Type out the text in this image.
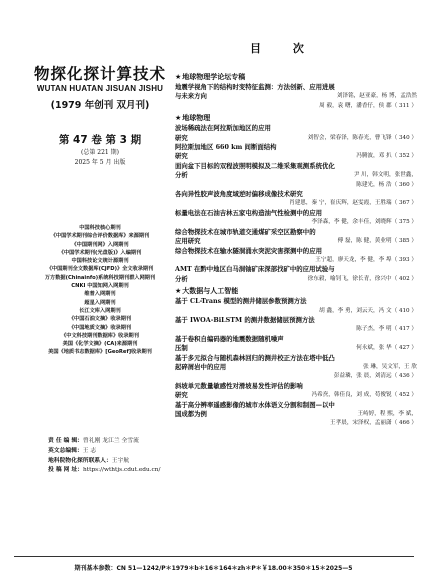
物探化探计算技术
WUTAN HUATAN JISUAN JISHU
(1979 年创刊 双月刊)
第 47 卷 第 3 期
(总第 221 期)
2025 年 5 月 出版
中国科技核心期刊
《中国学术期刊综合评价数据库》来源期刊
《中国期刊网》入网期刊
《中国学术期刊(光盘版)》入编期刊
中国科技论文统计源期刊
《中国期刊全文数据库(CJFD)》全文收录期刊
万方数据(Chinainfo)系统科技期刊群入网期刊
CNKI 中国知网入网期刊
维普入网期刊
超星入网期刊
长江文库入网期刊
《中国石油文摘》收录期刊
《中国地质文摘》收录期刊
《中文科技期刊数据库》收录期刊
美国《化学文摘》(CA)来源期刊
美国《地质书志数据库》[GeoRef]收录期刊
责 任 编 辑：曾礼刚 龙江兰 全雪流
英文总编辑：王 志
地科院物化探所联系人：王宇航
投 稿 网 址：https://wthtjs.cdut.edu.cn/
目 次
★地球物理学论坛专稿
地震学视角下的结构时变特征监测：方法创新、应用进展
与未来方向	刘泽铭，赵亚豪，杨 博，孟浩然
周 毅，袁 曙，潘香仔，侯 郡（ 311 ）
★地球物理
波场稀疏法在阿拉斯加地区的应用
研究	刘智会，梁春泽，陈春光，曹飞锋（ 340 ）
阿拉斯加地区 660 km 间断面结构
研究	冯腾波，邓 扒（ 352 ）
面向盆下目标的双程波照明模拟及二维采集观测系统优化
分析	尹 川，韩文明，张世鑫，
陈建光，杨 浩（ 360 ）
各向异性胶声波角度域逆时偏移成像技术研究
肖建恩，秦 宁，崔庆辉，赵雯霞，王胜瑞（ 367 ）
标量电法在石油吉林五家屯构造油气性检测中的应用
李泽森，李 健，余丰佳，刘晓辉（ 375 ）
综合物探技术在城市轨道交通煤矿采空区勘察中的
应用研究	傅 磊，陈 健，黄业明（ 385 ）
综合物探技术在输水隧洞涌水突泥灾害探测中的应用
王宁超，廖天龙，李 健，李 埠（ 393 ）
AMT 在黔中地区白马洞铀矿床深部找矿中的应用试验与
分析	徐东毅，喻钊飞，徐长青，徐兴中（ 402 ）
★大数据与人工智能
基于 CL-Trans 模型的测井储层参数预测方法
胡 鑫，李 勇，刘云天，冯 文（ 410 ）
基于 IWOA-BiLSTM 的测井数据储层预测方法
陈子杰，李 明（ 417 ）
基于卷积自编码器的地震数据随机噪声
压制	何永斌，张 华（ 427 ）
基于多元拟合与随机森林回归的测井校正方法在塔中低凸
起碎屑岩中的应用	张 琳，吴文军，王 欣
彭益璘，张 晨，刘清远（ 436 ）
斜坡单元数量敏感性对滑坡易发性评估的影响
研究	冯希焘，韩佳良，刘 成，苟俊锐（ 452 ）
基于高分辨率遥感影像的城市水体语义分割和制图—以中
国成都为例	王峙婷，程 熙，李 斌，
王孝晨，宋泽权，孟丽潇（ 466 ）
期刊基本参数：CN 51—1242/P＊1979＊b＊16＊164＊zh＊P＊￥18.00＊350＊15＊2025—5
